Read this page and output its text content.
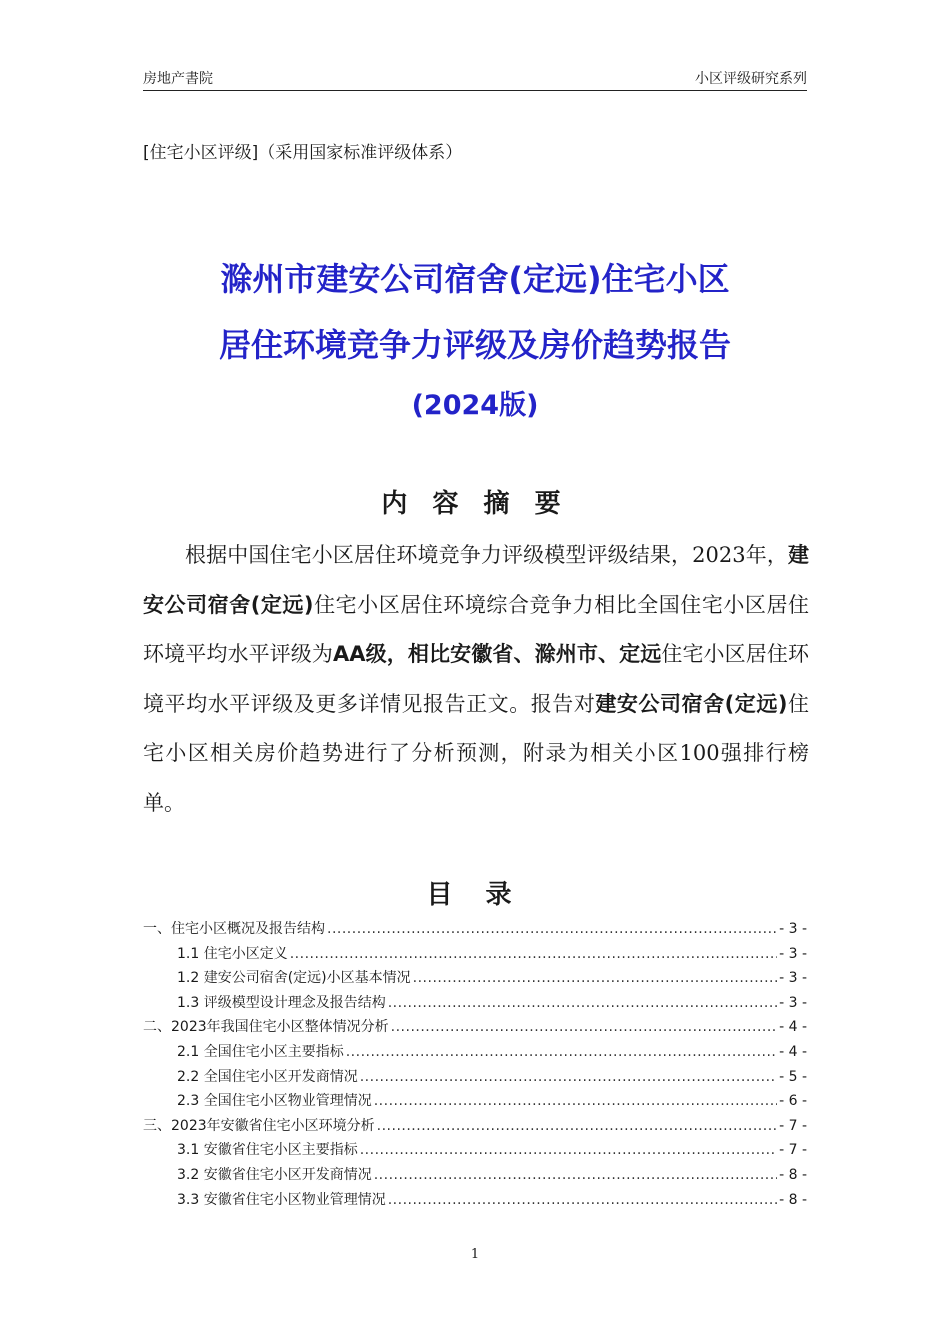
房地产書院	小区评级研究系列
[住宅小区评级]（采用国家标准评级体系）
滁州市建安公司宿舍(定远)住宅小区
居住环境竞争力评级及房价趋势报告
(2024版)
内 容 摘 要

根据中国住宅小区居住环境竞争力评级模型评级结果，2023年，建安公司宿舍(定远)住宅小区居住环境综合竞争力相比全国住宅小区居住环境平均水平评级为AA级，相比安徽省、滁州市、定远住宅小区居住环境平均水平评级及更多详情见报告正文。报告对建安公司宿舍(定远)住宅小区相关房价趋势进行了分析预测，附录为相关小区100强排行榜单。

目 录
一、住宅小区概况及报告结构 .....	- 3 -
1.1 住宅小区定义 .....	- 3 -
1.2 建安公司宿舍(定远)小区基本情况 .....	- 3 -
1.3 评级模型设计理念及报告结构 .....	- 3 -
二、2023年我国住宅小区整体情况分析 .....	- 4 -
2.1 全国住宅小区主要指标 .....	- 4 -
2.2 全国住宅小区开发商情况 .....	- 5 -
2.3 全国住宅小区物业管理情况 .....	- 6 -
三、2023年安徽省住宅小区环境分析 .....	- 7 -
3.1 安徽省住宅小区主要指标 .....	- 7 -
3.2 安徽省住宅小区开发商情况 .....	- 8 -
3.3 安徽省住宅小区物业管理情况 .....	- 8 -
1
